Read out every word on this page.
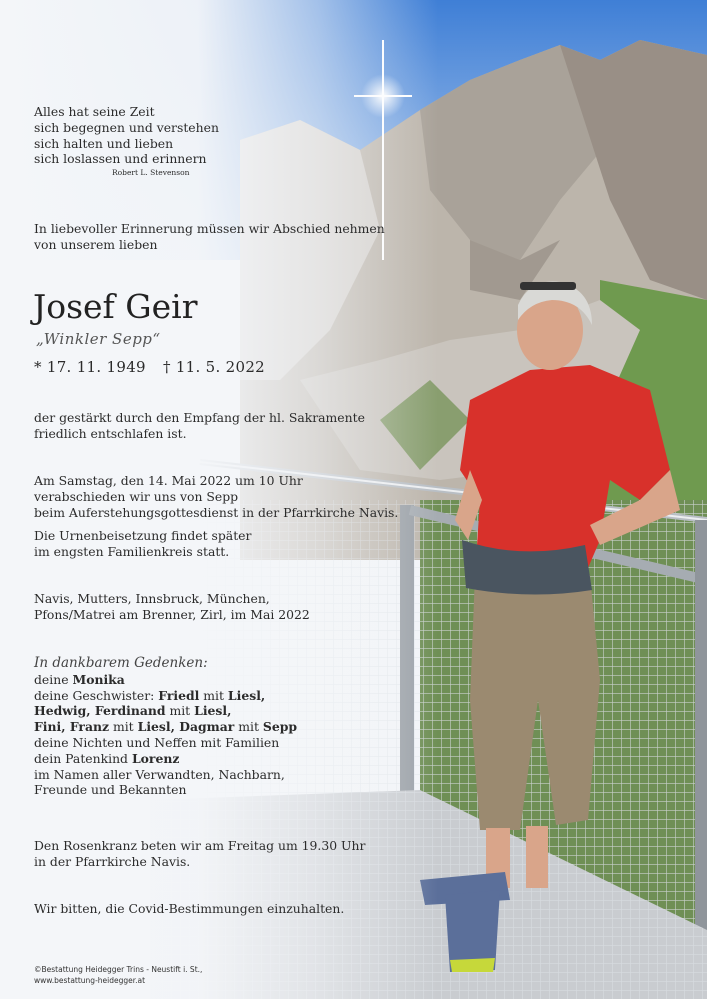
Alles hat seine Zeit
sich begegnen und verstehen
sich halten und lieben
sich loslassen und erinnern
Robert L. Stevenson
In liebevoller Erinnerung müssen wir Abschied nehmen
von unserem lieben
Josef Geir
„Winkler Sepp“
* 17. 11. 1949 † 11. 5. 2022
der gestärkt durch den Empfang der hl. Sakramente
friedlich entschlafen ist.
Am Samstag, den 14. Mai 2022 um 10 Uhr
verabschieden wir uns von Sepp
beim Auferstehungsgottesdienst in der Pfarrkirche Navis.
Die Urnenbeisetzung findet später
im engsten Familienkreis statt.
Navis, Mutters, Innsbruck, München,
Pfons/Matrei am Brenner, Zirl, im Mai 2022
In dankbarem Gedenken:
deine Monika
deine Geschwister: Friedl mit Liesl,
Hedwig, Ferdinand mit Liesl,
Fini, Franz mit Liesl, Dagmar mit Sepp
deine Nichten und Neffen mit Familien
dein Patenkind Lorenz
im Namen aller Verwandten, Nachbarn,
Freunde und Bekannten
Den Rosenkranz beten wir am Freitag um 19.30 Uhr
in der Pfarrkirche Navis.
Wir bitten, die Covid-Bestimmungen einzuhalten.
©Bestattung Heidegger Trins - Neustift i. St.,
www.bestattung-heidegger.at
